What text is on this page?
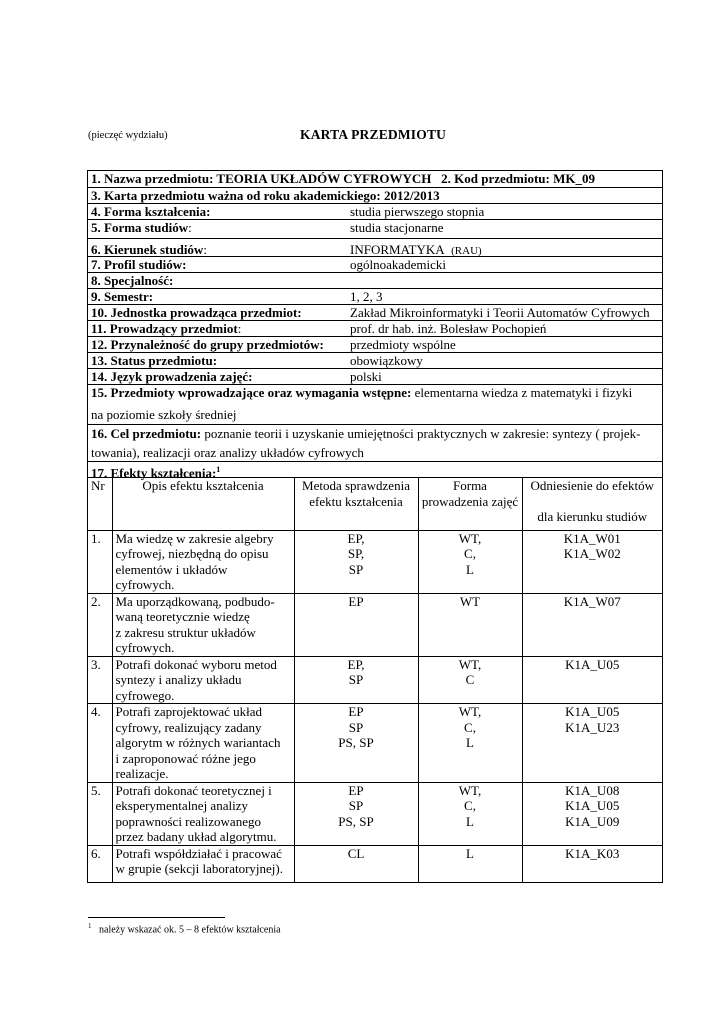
(pieczęć wydziału)	KARTA PRZEDMIOTU
1. Nazwa przedmiotu: TEORIA UKŁADÓW CYFROWYCH 2. Kod przedmiotu: MK_09
3. Karta przedmiotu ważna od roku akademickiego: 2012/2013
4. Forma kształcenia:	studia pierwszego stopnia
5. Forma studiów:	studia stacjonarne
6. Kierunek studiów:	INFORMATYKA (RAU)
7. Profil studiów:	ogólnoakademicki
8. Specjalność:
9. Semestr:	1, 2, 3
10. Jednostka prowadząca przedmiot:	Zakład Mikroinformatyki i Teorii Automatów Cyfrowych
11. Prowadzący przedmiot:	prof. dr hab. inż. Bolesław Pochopień
12. Przynależność do grupy przedmiotów:	przedmioty wspólne
13. Status przedmiotu:	obowiązkowy
14. Język prowadzenia zajęć:	polski
15. Przedmioty wprowadzające oraz wymagania wstępne: elementarna wiedza z matematyki i fizyki
na poziomie szkoły średniej
16. Cel przedmiotu: poznanie teorii i uzyskanie umiejętności praktycznych w zakresie: syntezy ( projek-
towania), realizacji oraz analizy układów cyfrowych
17. Efekty kształcenia:$^1$
Nr	Opis efektu kształcenia	Metoda sprawdzenia
efektu kształcenia	Forma
prowadzenia zajęć	Odniesienie do efektów

dla kierunku studiów
1.	Ma wiedzę w zakresie algebry
cyfrowej, niezbędną do opisu
elementów i układów
cyfrowych.	EP,
SP,
SP	WT,
C,
L	K1A_W01
K1A_W02
2.	Ma uporządkowaną, podbudo-
waną teoretycznie wiedzę
z zakresu struktur układów
cyfrowych.	EP	WT	K1A_W07
3.	Potrafi dokonać wyboru metod
syntezy i analizy układu
cyfrowego.	EP,
SP	WT,
C	K1A_U05
4.	Potrafi zaprojektować układ
cyfrowy, realizujący zadany
algorytm w różnych wariantach
i zaproponować różne jego
realizacje.	EP
SP
PS, SP	WT,
C,
L	K1A_U05
K1A_U23
5.	Potrafi dokonać teoretycznej i
eksperymentalnej analizy
poprawności realizowanego
przez badany układ algorytmu.	EP
SP
PS, SP	WT,
C,
L	K1A_U08
K1A_U05
K1A_U09
6.	Potrafi współdziałać i pracować
w grupie (sekcji laboratoryjnej).	CL	L	K1A_K03
$^1$ należy wskazać ok. 5 – 8 efektów kształcenia
